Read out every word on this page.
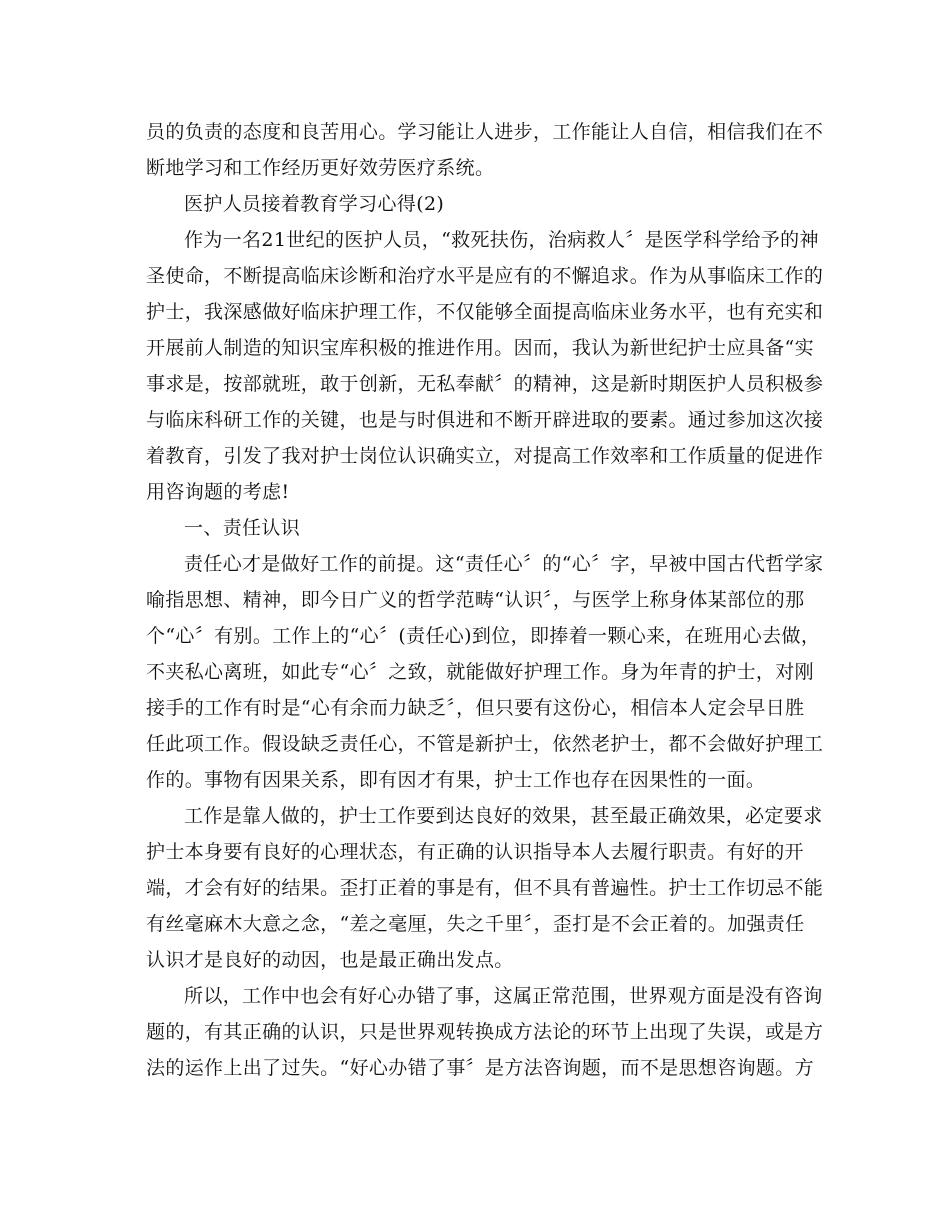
员的负责的态度和良苦用心。学习能让人进步，工作能让人自信，相信我们在不
断地学习和工作经历更好效劳医疗系统。
医护人员接着教育学习心得(2)
作为一名21世纪的医护人员，“救死扶伤，治病救人〞是医学科学给予的神
圣使命，不断提高临床诊断和治疗水平是应有的不懈追求。作为从事临床工作的
护士，我深感做好临床护理工作，不仅能够全面提高临床业务水平，也有充实和
开展前人制造的知识宝库积极的推进作用。因而，我认为新世纪护士应具备“实
事求是，按部就班，敢于创新，无私奉献〞的精神，这是新时期医护人员积极参
与临床科研工作的关键，也是与时俱进和不断开辟进取的要素。通过参加这次接
着教育，引发了我对护士岗位认识确实立，对提高工作效率和工作质量的促进作
用咨询题的考虑!
一、责任认识
责任心才是做好工作的前提。这“责任心〞的“心〞字，早被中国古代哲学家
喻指思想、精神，即今日广义的哲学范畴“认识〞，与医学上称身体某部位的那
个“心〞有别。工作上的“心〞(责任心)到位，即捧着一颗心来，在班用心去做，
不夹私心离班，如此专“心〞之致，就能做好护理工作。身为年青的护士，对刚
接手的工作有时是“心有余而力缺乏〞，但只要有这份心，相信本人定会早日胜
任此项工作。假设缺乏责任心，不管是新护士，依然老护士，都不会做好护理工
作的。事物有因果关系，即有因才有果，护士工作也存在因果性的一面。
工作是靠人做的，护士工作要到达良好的效果，甚至最正确效果，必定要求
护士本身要有良好的心理状态，有正确的认识指导本人去履行职责。有好的开
端，才会有好的结果。歪打正着的事是有，但不具有普遍性。护士工作切忌不能
有丝毫麻木大意之念，“差之毫厘，失之千里〞，歪打是不会正着的。加强责任
认识才是良好的动因，也是最正确出发点。
所以，工作中也会有好心办错了事，这属正常范围，世界观方面是没有咨询
题的，有其正确的认识，只是世界观转换成方法论的环节上出现了失误，或是方
法的运作上出了过失。“好心办错了事〞是方法咨询题，而不是思想咨询题。方
